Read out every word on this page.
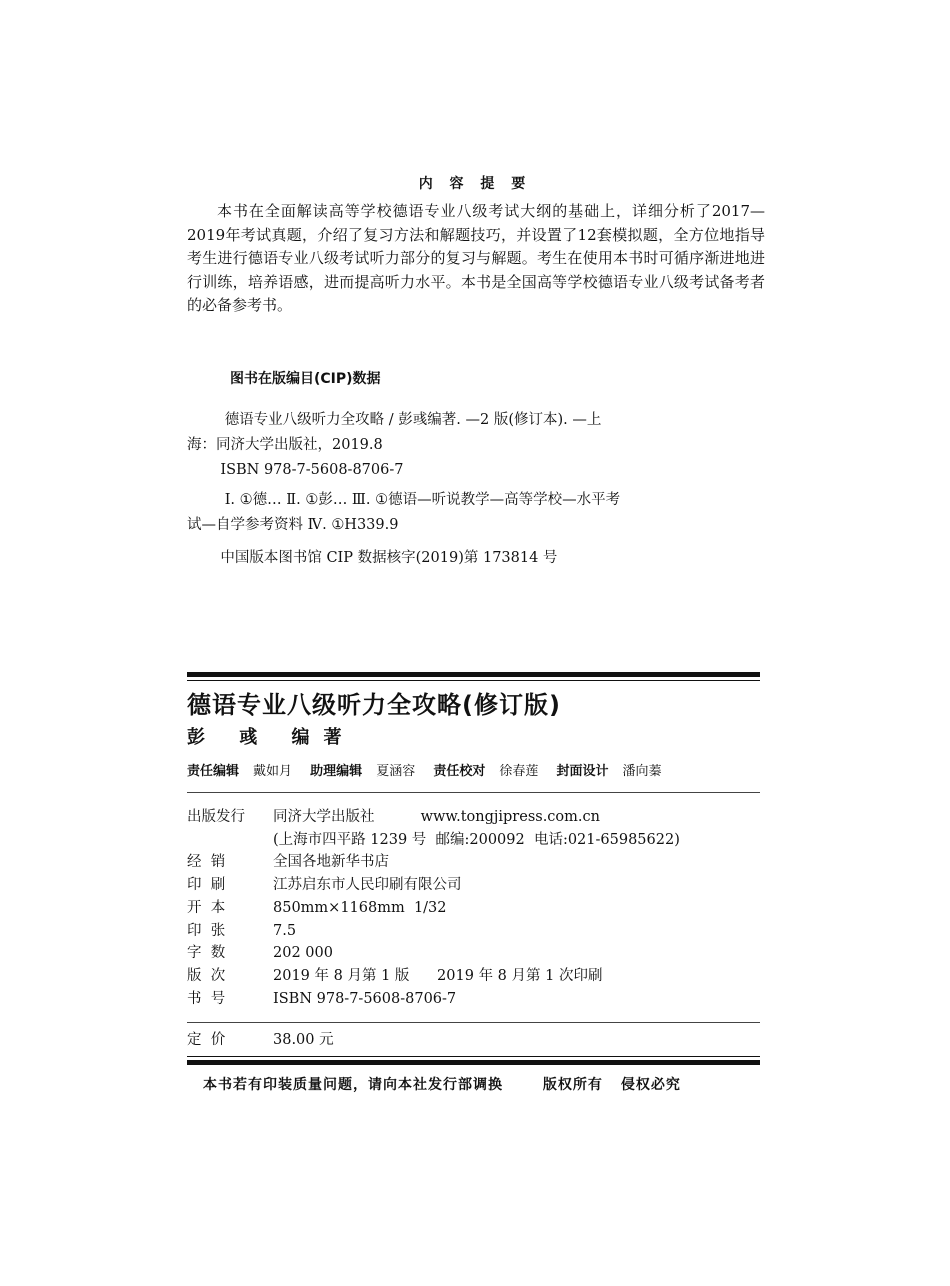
内 容 提 要

本书在全面解读高等学校德语专业八级考试大纲的基础上，详细分析了2017—2019年考试真题，介绍了复习方法和解题技巧，并设置了12套模拟题，全方位地指导考生进行德语专业八级考试听力部分的复习与解题。考生在使用本书时可循序渐进地进行训练，培养语感，进而提高听力水平。本书是全国高等学校德语专业八级考试备考者的必备参考书。

图书在版编目(CIP)数据

德语专业八级听力全攻略 / 彭彧编著. —2 版(修订本). —上海：同济大学出版社，2019.8

ISBN 978-7-5608-8706-7

Ⅰ. ①德… Ⅱ. ①彭… Ⅲ. ①德语—听说教学—高等学校—水平考试—自学参考资料 Ⅳ. ①H339.9

中国版本图书馆 CIP 数据核字(2019)第 173814 号

德语专业八级听力全攻略(修订版)
彭 彧 编著
责任编辑 戴如月 助理编辑 夏涵容 责任校对 徐春莲 封面设计 潘向蓁
出版发行	同济大学出版社          www.tongjipress.com.cn
(上海市四平路 1239 号  邮编:200092  电话:021-65985622)
经  销	全国各地新华书店
印  刷	江苏启东市人民印刷有限公司
开  本	850mm×1168mm  1/32
印  张	7.5
字  数	202 000
版  次	2019 年 8 月第 1 版      2019 年 8 月第 1 次印刷
书  号	ISBN 978-7-5608-8706-7
定  价	38.00 元
本书若有印装质量问题，请向本社发行部调换	版权所有 侵权必究
